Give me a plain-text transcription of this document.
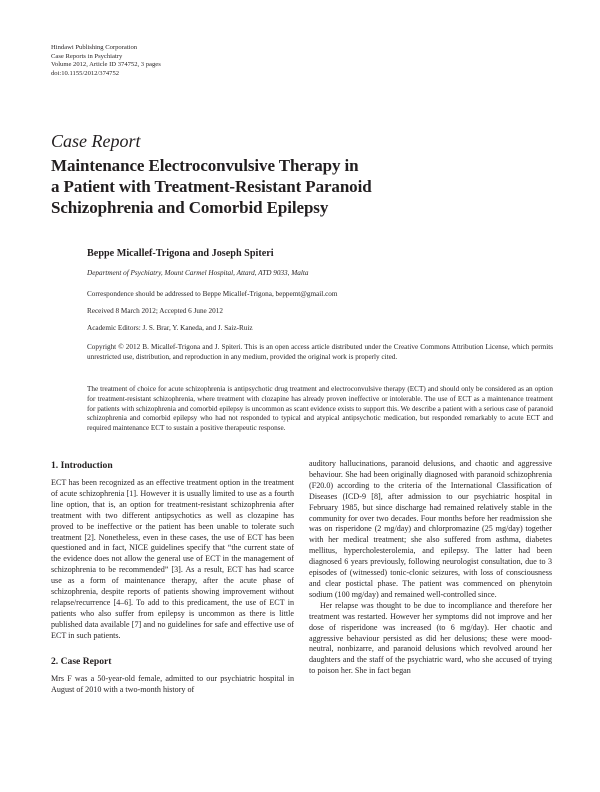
Hindawi Publishing Corporation
Case Reports in Psychiatry
Volume 2012, Article ID 374752, 3 pages
doi:10.1155/2012/374752
Case Report
Maintenance Electroconvulsive Therapy in
a Patient with Treatment-Resistant Paranoid
Schizophrenia and Comorbid Epilepsy
Beppe Micallef-Trigona and Joseph Spiteri
Department of Psychiatry, Mount Carmel Hospital, Attard, ATD 9033, Malta
Correspondence should be addressed to Beppe Micallef-Trigona, beppemt@gmail.com
Received 8 March 2012; Accepted 6 June 2012
Academic Editors: J. S. Brar, Y. Kaneda, and J. Saiz-Ruiz
Copyright © 2012 B. Micallef-Trigona and J. Spiteri. This is an open access article distributed under the Creative Commons Attribution License, which permits unrestricted use, distribution, and reproduction in any medium, provided the original work is properly cited.
The treatment of choice for acute schizophrenia is antipsychotic drug treatment and electroconvulsive therapy (ECT) and should only be considered as an option for treatment-resistant schizophrenia, where treatment with clozapine has already proven ineffective or intolerable. The use of ECT as a maintenance treatment for patients with schizophrenia and comorbid epilepsy is uncommon as scant evidence exists to support this. We describe a patient with a serious case of paranoid schizophrenia and comorbid epilepsy who had not responded to typical and atypical antipsychotic medication, but responded remarkably to acute ECT and required maintenance ECT to sustain a positive therapeutic response.
1. Introduction

ECT has been recognized as an effective treatment option in the treatment of acute schizophrenia [1]. However it is usually limited to use as a fourth line option, that is, an option for treatment-resistant schizophrenia after treatment with two different antipsychotics as well as clozapine has proved to be ineffective or the patient has been unable to tolerate such treatment [2]. Nonetheless, even in these cases, the use of ECT has been questioned and in fact, NICE guidelines specify that “the current state of the evidence does not allow the general use of ECT in the management of schizophrenia to be recommended” [3]. As a result, ECT has had scarce use as a form of maintenance therapy, after the acute phase of schizophrenia, despite reports of patients showing improvement without relapse/recurrence [4–6]. To add to this predicament, the use of ECT in patients who also suffer from epilepsy is uncommon as there is little published data available [7] and no guidelines for safe and effective use of ECT in such patients.

2. Case Report

Mrs F was a 50-year-old female, admitted to our psychiatric hospital in August of 2010 with a two-month history of

auditory hallucinations, paranoid delusions, and chaotic and aggressive behaviour. She had been originally diagnosed with paranoid schizophrenia (F20.0) according to the criteria of the International Classification of Diseases (ICD-9 [8], after admission to our psychiatric hospital in February 1985, but since discharge had remained relatively stable in the community for over two decades. Four months before her readmission she was on risperidone (2 mg/day) and chlorpromazine (25 mg/day) together with her medical treatment; she also suffered from asthma, diabetes mellitus, hypercholesterolemia, and epilepsy. The latter had been diagnosed 6 years previously, following neurologist consultation, due to 3 episodes of (witnessed) tonic-clonic seizures, with loss of consciousness and clear postictal phase. The patient was commenced on phenytoin sodium (100 mg/day) and remained well-controlled since.

Her relapse was thought to be due to incompliance and therefore her treatment was restarted. However her symptoms did not improve and her dose of risperidone was increased (to 6 mg/day). Her chaotic and aggressive behaviour persisted as did her delusions; these were mood-neutral, nonbizarre, and paranoid delusions which revolved around her daughters and the staff of the psychiatric ward, who she accused of trying to poison her. She in fact began
